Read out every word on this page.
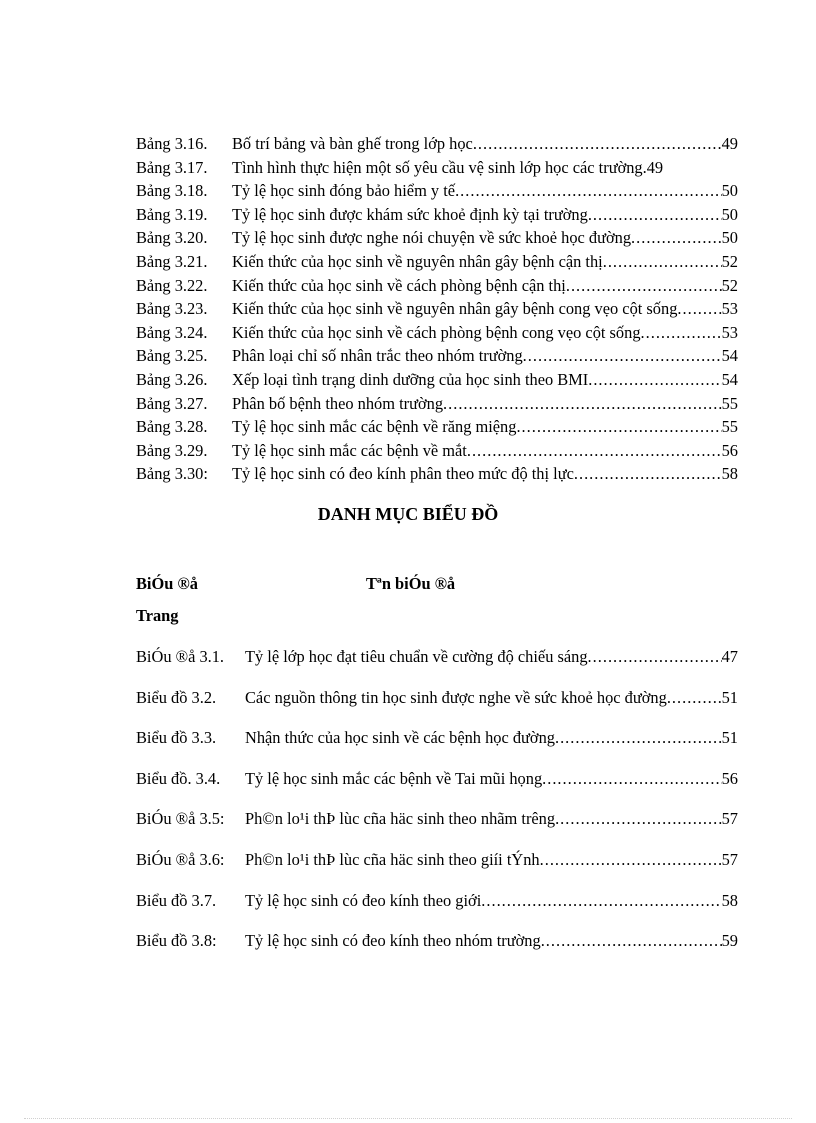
Bảng 3.16.	Bố trí bảng và bàn ghế trong lớp học .....	49
Bảng 3.17.	Tình hình thực hiện một số yêu cầu vệ sinh lớp học các trường. 49
Bảng 3.18.	Tỷ lệ học sinh đóng bảo hiểm y tế .....	50
Bảng 3.19.	Tỷ lệ học sinh được khám sức khoẻ định kỳ tại trường .....	50
Bảng 3.20.	Tỷ lệ học sinh được nghe nói chuyện về sức khoẻ học đường .....	50
Bảng 3.21.	Kiến thức của học sinh về nguyên nhân gây bệnh cận thị .....	52
Bảng 3.22.	Kiến thức của học sinh về cách phòng bệnh cận thị .....	52
Bảng 3.23.	Kiến thức của học sinh về nguyên nhân gây bệnh cong vẹo cột sống .....	53
Bảng 3.24.	Kiến thức của học sinh về cách phòng bệnh cong vẹo cột sống .....	53
Bảng 3.25.	Phân loại chỉ số nhân trắc theo nhóm trường .....	54
Bảng 3.26.	Xếp loại tình trạng dinh dưỡng của học sinh theo BMI .....	54
Bảng 3.27.	Phân bố bệnh theo nhóm trường .....	55
Bảng 3.28.	Tỷ lệ học sinh mắc các bệnh về răng miệng .....	55
Bảng 3.29.	Tỷ lệ học sinh mắc các bệnh về mắt .....	56
Bảng 3.30:	Tỷ lệ học sinh có đeo kính phân theo mức độ thị lực .....	58
DANH MỤC BIỂU ĐỒ
BiÓu ®å	Tªn biÓu ®å
Trang
BiÓu ®å 3.1.	Tỷ lệ lớp học đạt tiêu chuẩn về cường độ chiếu sáng .....	47
Biểu đồ 3.2.	Các nguồn thông tin học sinh được nghe về sức khoẻ học đường .....	51
Biểu đồ 3.3.	Nhận thức của học sinh về các bệnh học đường .....	51
Biểu đồ. 3.4.	Tỷ lệ học sinh mắc các bệnh về Tai mũi họng .....	56
BiÓu ®å 3.5:	Ph©n lo¹i thÞ lùc cña häc sinh theo nhãm trêng .....	57
BiÓu ®å 3.6:	Ph©n lo¹i thÞ lùc cña häc sinh theo giíi tÝnh .....	57
Biểu đồ 3.7.	Tỷ lệ học sinh có đeo kính theo giới .....	58
Biểu đồ 3.8:	Tỷ lệ học sinh có đeo kính theo nhóm trường .....	59
